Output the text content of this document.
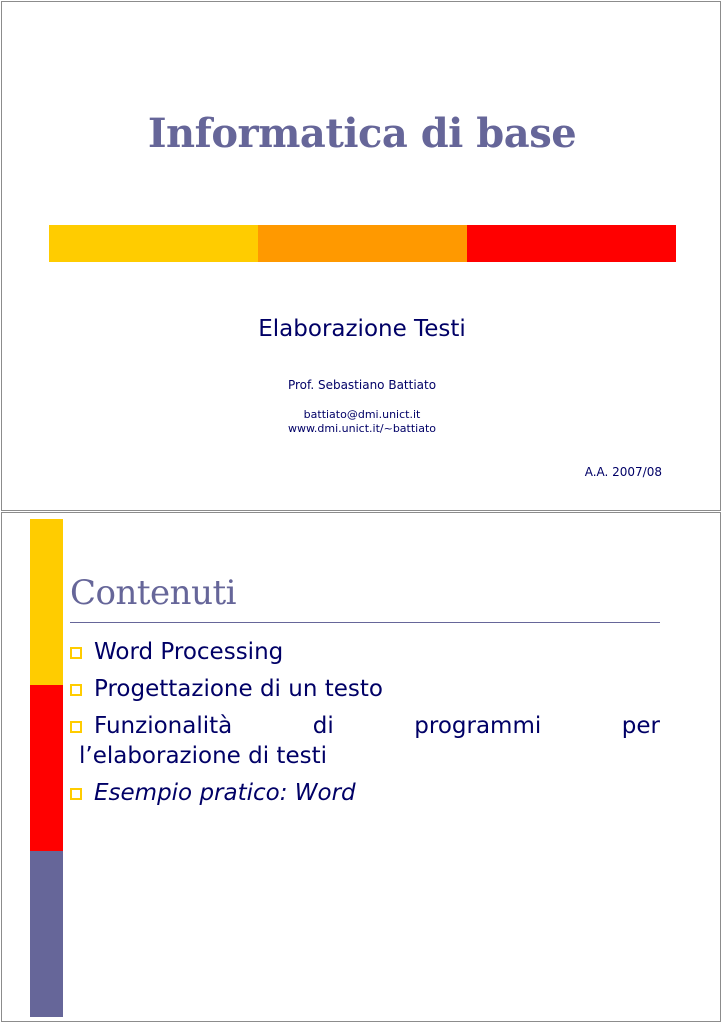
Informatica di base
Elaborazione Testi
Prof. Sebastiano Battiato
battiato@dmi.unict.it
www.dmi.unict.it/~battiato
A.A. 2007/08
Contenuti
Word Processing
Progettazione di un testo
Funzionalità	di	programmi	per
l’elaborazione di testi
Esempio pratico: Word
